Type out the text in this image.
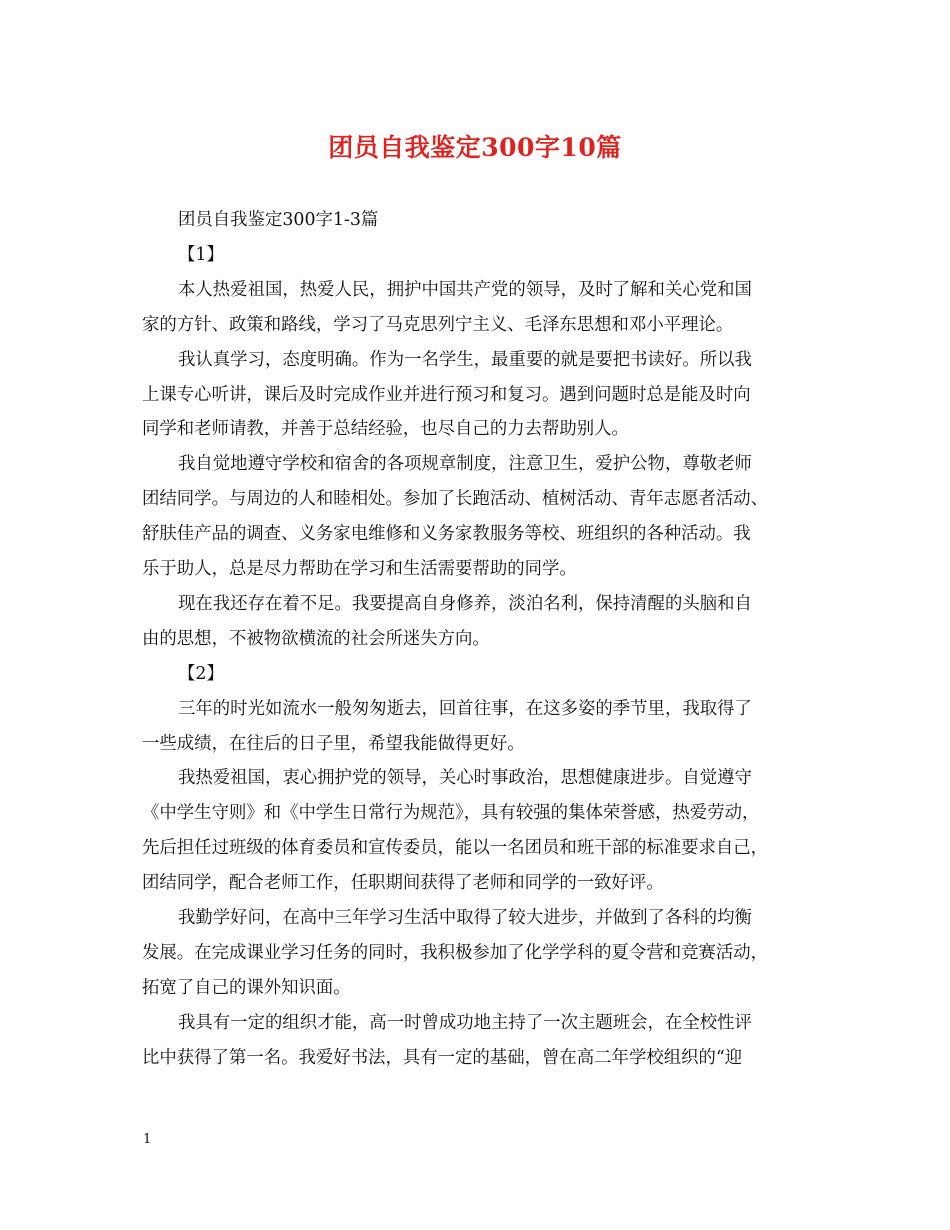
团员自我鉴定300字10篇
团员自我鉴定300字1-3篇
【1】
本人热爱祖国，热爱人民，拥护中国共产党的领导，及时了解和关心党和国
家的方针、政策和路线，学习了马克思列宁主义、毛泽东思想和邓小平理论。
我认真学习，态度明确。作为一名学生，最重要的就是要把书读好。所以我
上课专心听讲，课后及时完成作业并进行预习和复习。遇到问题时总是能及时向
同学和老师请教，并善于总结经验，也尽自己的力去帮助别人。
我自觉地遵守学校和宿舍的各项规章制度，注意卫生，爱护公物，尊敬老师
团结同学。与周边的人和睦相处。参加了长跑活动、植树活动、青年志愿者活动、
舒肤佳产品的调查、义务家电维修和义务家教服务等校、班组织的各种活动。我
乐于助人，总是尽力帮助在学习和生活需要帮助的同学。
现在我还存在着不足。我要提高自身修养，淡泊名利，保持清醒的头脑和自
由的思想，不被物欲横流的社会所迷失方向。
【2】
三年的时光如流水一般匆匆逝去，回首往事，在这多姿的季节里，我取得了
一些成绩，在往后的日子里，希望我能做得更好。
我热爱祖国，衷心拥护党的领导，关心时事政治，思想健康进步。自觉遵守
《中学生守则》和《中学生日常行为规范》，具有较强的集体荣誉感，热爱劳动，
先后担任过班级的体育委员和宣传委员，能以一名团员和班干部的标准要求自己，
团结同学，配合老师工作，任职期间获得了老师和同学的一致好评。
我勤学好问，在高中三年学习生活中取得了较大进步，并做到了各科的均衡
发展。在完成课业学习任务的同时，我积极参加了化学学科的夏令营和竞赛活动，
拓宽了自己的课外知识面。
我具有一定的组织才能，高一时曾成功地主持了一次主题班会，在全校性评
比中获得了第一名。我爱好书法，具有一定的基础，曾在高二年学校组织的“迎
1
